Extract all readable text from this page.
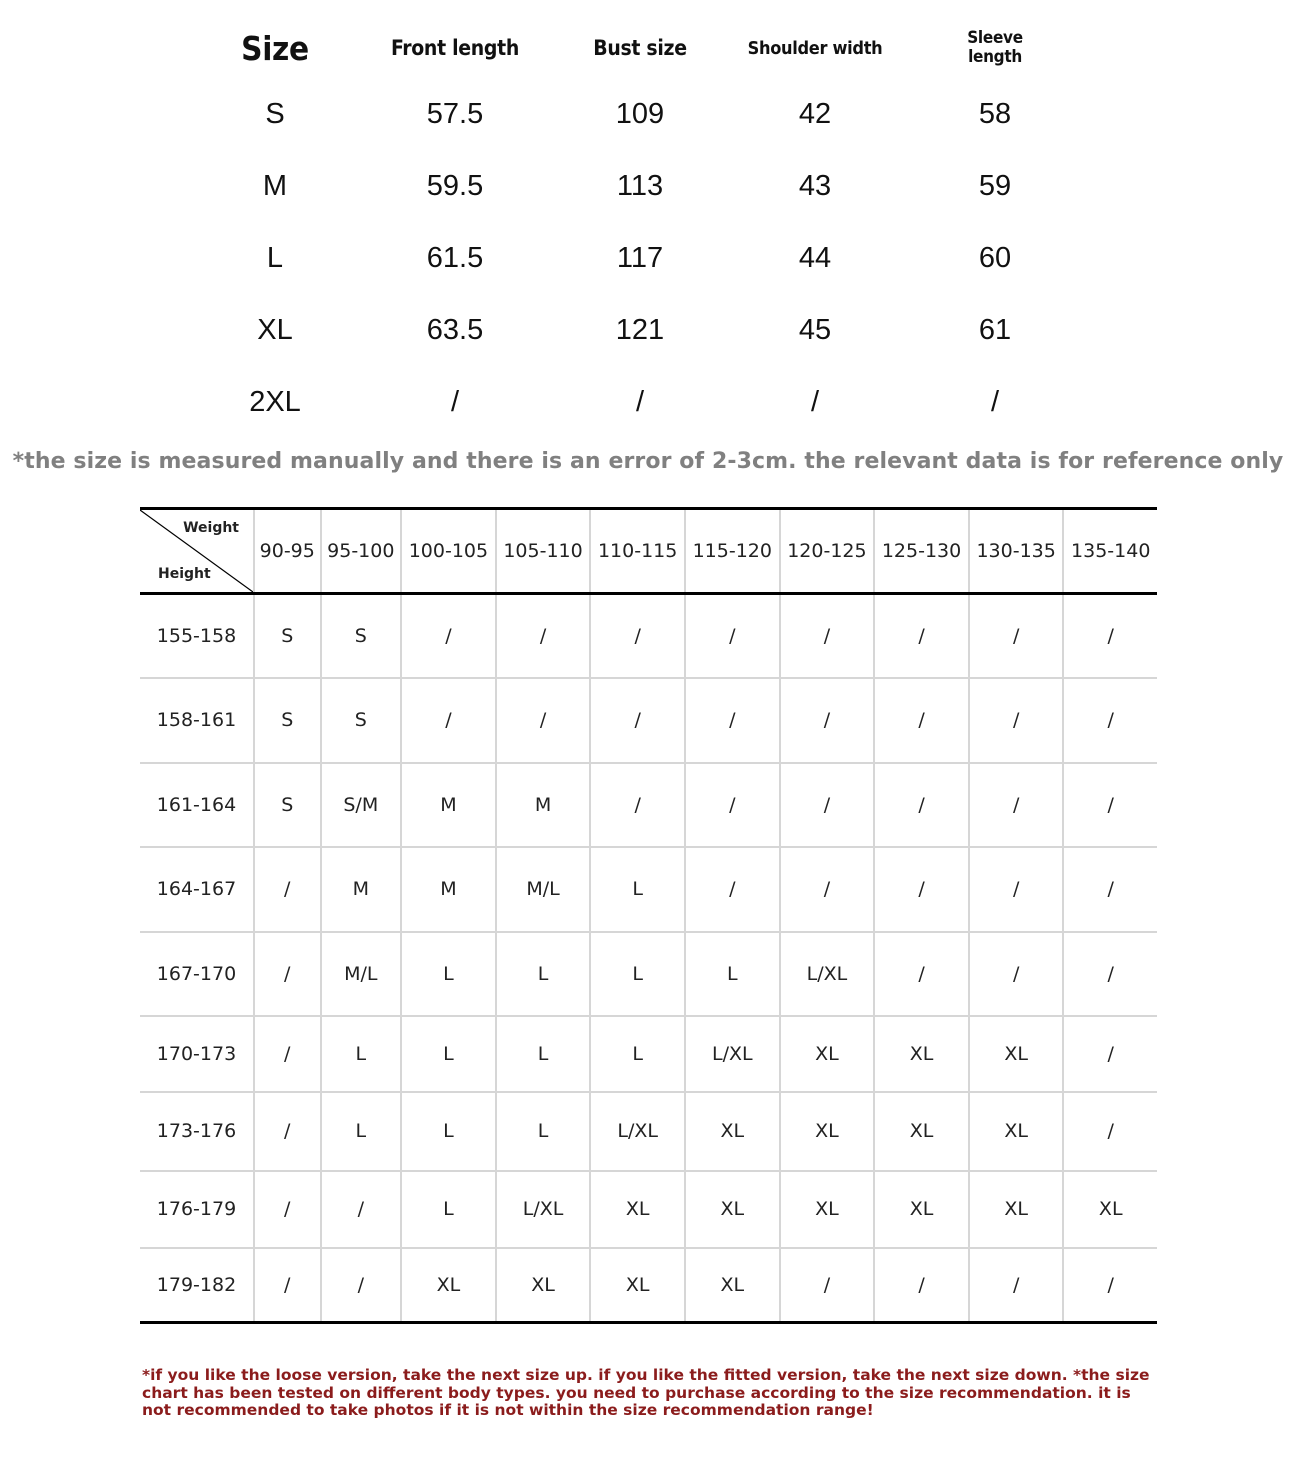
Size	Front length	Bust size	Shoulder width	Sleeve length
S	57.5	109	42	58
M	59.5	113	43	59
L	61.5	117	44	60
XL	63.5	121	45	61
2XL	/	/	/	/
*the size is measured manually and there is an error of 2-3cm. the relevant data is for reference only
Weight
Height	90-95	95-100	100-105	105-110	110-115	115-120	120-125	125-130	130-135	135-140
155-158	S	S	/	/	/	/	/	/	/	/
158-161	S	S	/	/	/	/	/	/	/	/
161-164	S	S/M	M	M	/	/	/	/	/	/
164-167	/	M	M	M/L	L	/	/	/	/	/
167-170	/	M/L	L	L	L	L	L/XL	/	/	/
170-173	/	L	L	L	L	L/XL	XL	XL	XL	/
173-176	/	L	L	L	L/XL	XL	XL	XL	XL	/
176-179	/	/	L	L/XL	XL	XL	XL	XL	XL	XL
179-182	/	/	XL	XL	XL	XL	/	/	/	/
*if you like the loose version, take the next size up. if you like the fitted version, take the next size down. *the size chart has been tested on different body types. you need to purchase according to the size recommendation. it is not recommended to take photos if it is not within the size recommendation range!
